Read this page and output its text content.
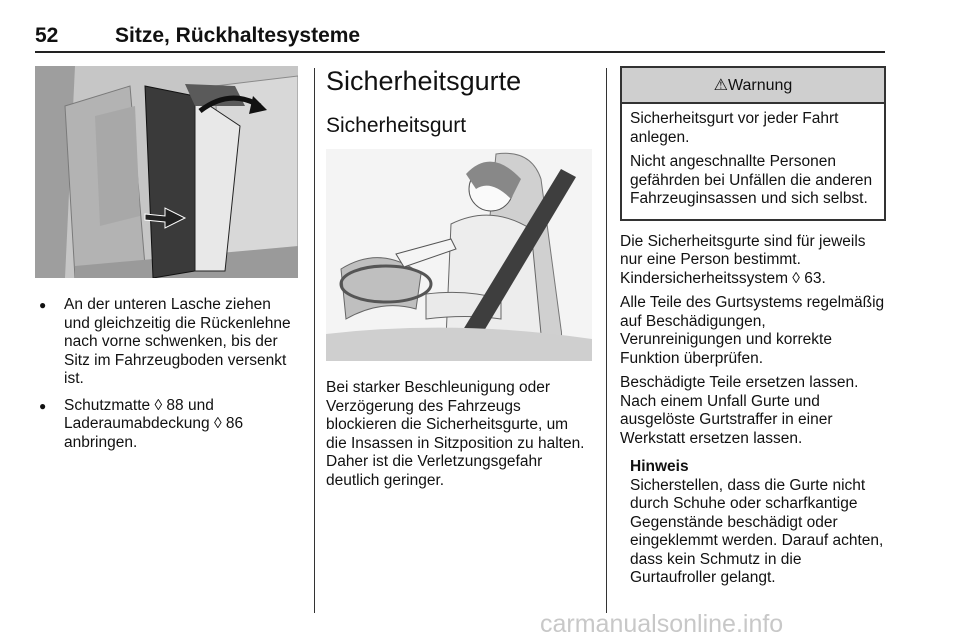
52	Sitze, Rückhaltesysteme
● An der unteren Lasche ziehen und gleichzeitig die Rückenlehne nach vorne schwenken, bis der Sitz im Fahrzeugboden versenkt ist.
● Schutzmatte ◊ 88 und Laderaumabdeckung ◊ 86 anbringen.
Sicherheitsgurte
Sicherheitsgurt

Bei starker Beschleunigung oder Verzögerung des Fahrzeugs blockieren die Sicherheitsgurte, um die Insassen in Sitzposition zu halten. Daher ist die Verletzungsgefahr deutlich geringer.

⚠Warnung

Sicherheitsgurt vor jeder Fahrt anlegen.

Nicht angeschnallte Personen gefährden bei Unfällen die anderen Fahrzeuginsassen und sich selbst.

Die Sicherheitsgurte sind für jeweils nur eine Person bestimmt. Kindersicherheitssystem ◊ 63.

Alle Teile des Gurtsystems regelmäßig auf Beschädigungen, Verunreinigungen und korrekte Funktion überprüfen.

Beschädigte Teile ersetzen lassen. Nach einem Unfall Gurte und ausgelöste Gurtstraffer in einer Werkstatt ersetzen lassen.

Hinweis

Sicherstellen, dass die Gurte nicht durch Schuhe oder scharfkantige Gegenstände beschädigt oder eingeklemmt werden. Darauf achten, dass kein Schmutz in die Gurtaufroller gelangt.

carmanualsonline.info
